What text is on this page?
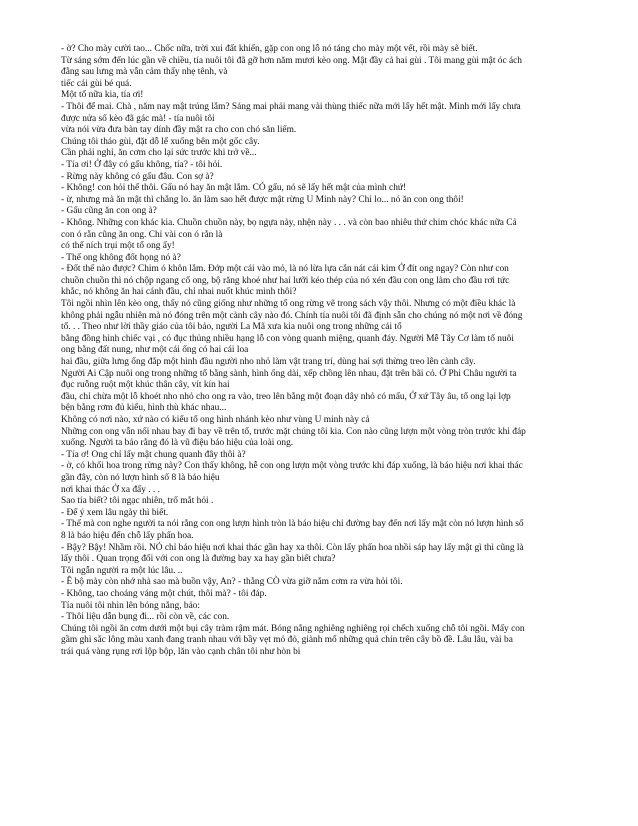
- ờ? Cho mày cười tao... Chốc nữa, trời xui đất khiến, gặp con ong lỗ nó táng cho mày một vết, rồi mày sẽ biết.
Từ sáng sớm đến lúc gần về chiều, tía nuôi tôi đã gỡ hơn năm mươi kèo ong. Mật đầy cả hai gùi . Tôi mang gùi mật óc ách
đằng sau lưng mà vẫn cảm thấy nhẹ tênh, và
tiếc cái gùi bé quá.
Một tổ nữa kia, tía ơi!
- Thôi để mai. Chà , năm nay mật trúng lắm? Sáng mai phải mang vài thùng thiếc nữa mới lấy hết mật. Mình mới lấy chưa
được nửa số kèo đã gác mà! - tía nuôi tôi
vừa nói vừa đưa bàn tay dính đầy mật ra cho con chó săn liếm.
Chúng tôi tháo gùi, đặt dỗ lể xuống bên một gốc cây.
Cần phải nghỉ, ăn cơm cho lại sức trước khi trở về...
- Tía ơi! Ở đây có gấu không, tía? - tôi hỏi.
- Rừng này không có gấu đâu. Con sợ à?
- Không! con hỏi thế thôi. Gấu nó hay ăn mật lắm. CÓ gấu, nó sẽ lấy hết mật của mình chứ!
- ừ, nhưng mà ăn mật thì chẳng lo. ăn làm sao hết được mật rừng U Minh này? Chỉ lo... nó ăn con ong thôi!
- Gấu cũng ăn con ong à?
- Không. Những con khác kia. Chuồn chuồn này, bọ ngựa này, nhện này . . . và còn bao nhiêu thứ chim chóc khác nữa Cả
con ó rằn cũng ăn ong. Chỉ vài con ó rằn là
có thể ních trụi một tổ ong ấy!
- Thế ong không đốt họng nó à?
- Đốt thế nào được? Chim ó khôn lắm. Đớp một cái vào mỏ, là nó lừa lựa cắn nát cái kim Ở đít ong ngay? Còn như con
chuồn chuồn thì nó chộp ngang cổ ong, bộ răng khoẻ như hai lưỡi kéo thép của nó xén đầu con ong làm cho đầu rơi tức
khắc, nó không ăn hai cánh đầu, chỉ nhai nuốt khúc mình thôi?
Tôi ngồi nhìn lên kèo ong, thấy nó cũng giống như những tổ ong rừng vẽ trong sách vậy thôi. Nhưng có một điều khác là
không phải ngẫu nhiên mà nó đóng trên một cành cây nào đó. Chính tía nuôi tôi đã định sẵn cho chúng nó một nơi về đóng
tổ. . . Theo như lời thầy giáo của tôi bảo, người La Mã xưa kia nuôi ong trong những cái tổ
bằng đồng hình chiếc vại , có đục thủng nhiều hạng lỗ con vòng quanh miệng, quanh đáy. Người Mễ Tây Cơ làm tổ nuôi
ong bằng đất nung, như một cái ống có hai cái loa
hai đầu, giữa lưng ống đắp một hình đầu người nho nhỏ làm vật trang trí, dùng hai sợi thừng treo lên cành cây.
Người Ai Cập nuôi ong trong những tổ bằng sành, hình ống dài, xếp chồng lên nhau, đặt trên bãi cỏ. Ở Phi Châu người ta
đục ruỗng ruột một khúc thân cây, vít kín hai
đầu, chỉ chừa một lỗ khoét nho nhỏ cho ong ra vào, treo lên bằng một đoạn dây nhỏ có mấu, Ở xứ Tây âu, tổ ong lại lợp
bện bằng rơm đủ kiểu, hình thù khác nhau...
Không có nơi nào, xứ nào có kiểu tổ ong hình nhánh kèo như vùng U minh này cả
Những con ong vẫn nối nhau bay đi bay về trên tổ, trước mặt chúng tôi kia. Con nào cũng lượn một vòng tròn trước khi đáp
xuống. Người ta bảo rằng đó là vũ điệu báo hiệu của loài ong.
- Tía ơ! Ong chỉ lấy mật chung quanh đây thôi à?
- ờ, có khối hoa trong rừng này? Con thấy không, hễ con ong lượn một vòng trước khi đáp xuống, là báo hiệu nơi khai thác
gần đây, còn nó lượn hình số 8 là báo hiệu
nơi khai thác Ở xa đấy . . .
Sao tía biết? tôi ngạc nhiên, trố mắt hỏi .
- Để ý xem lâu ngày thì biết.
- Thế mà con nghe người ta nói rằng con ong lượn hình tròn là báo hiệu chỉ đường bay đến nơi lấy mật còn nó lượn hình số
8 là báo hiệu đến chỗ lấy phấn hoa.
- Bậy? Bậy! Nhầm rồi. NÓ chỉ báo hiệu nơi khai thác gần hay xa thôi. Còn lấy phấn hoa nhồi sáp hay lấy mật gì thì cũng là
lấy thôi . Quan trọng đối với con ong là đường bay xa hay gần biết chưa?
Tôi ngẫn người ra một lúc lâu. ..
- Ê bộ mày còn nhớ nhà sao mà buồn vậy, An? - thằng CÒ vừa giỡ nắm cơm ra vừa hỏi tôi.
- Không, tao choáng váng một chút, thôi mà? - tôi đáp.
Tía nuôi tôi nhìn lên bóng nắng, bảo:
- Thôi liệu dẫn bụng đi... rồi còn về, các con.
Chúng tôi ngồi ăn cơm dưới một bụi cây tràm rậm mát. Bóng nắng nghiêng nghiêng rọi chếch xuống chỗ tôi ngồi. Mấy con
gầm ghì sắc lông màu xanh đang tranh nhau với bầy vẹt mỏ đỏ, giành mổ những quả chín trên cây bồ đề. Lâu lâu, vài ba
trái quá vàng rụng rơi lộp bộp, lăn vào cạnh chân tôi như hòn bi
